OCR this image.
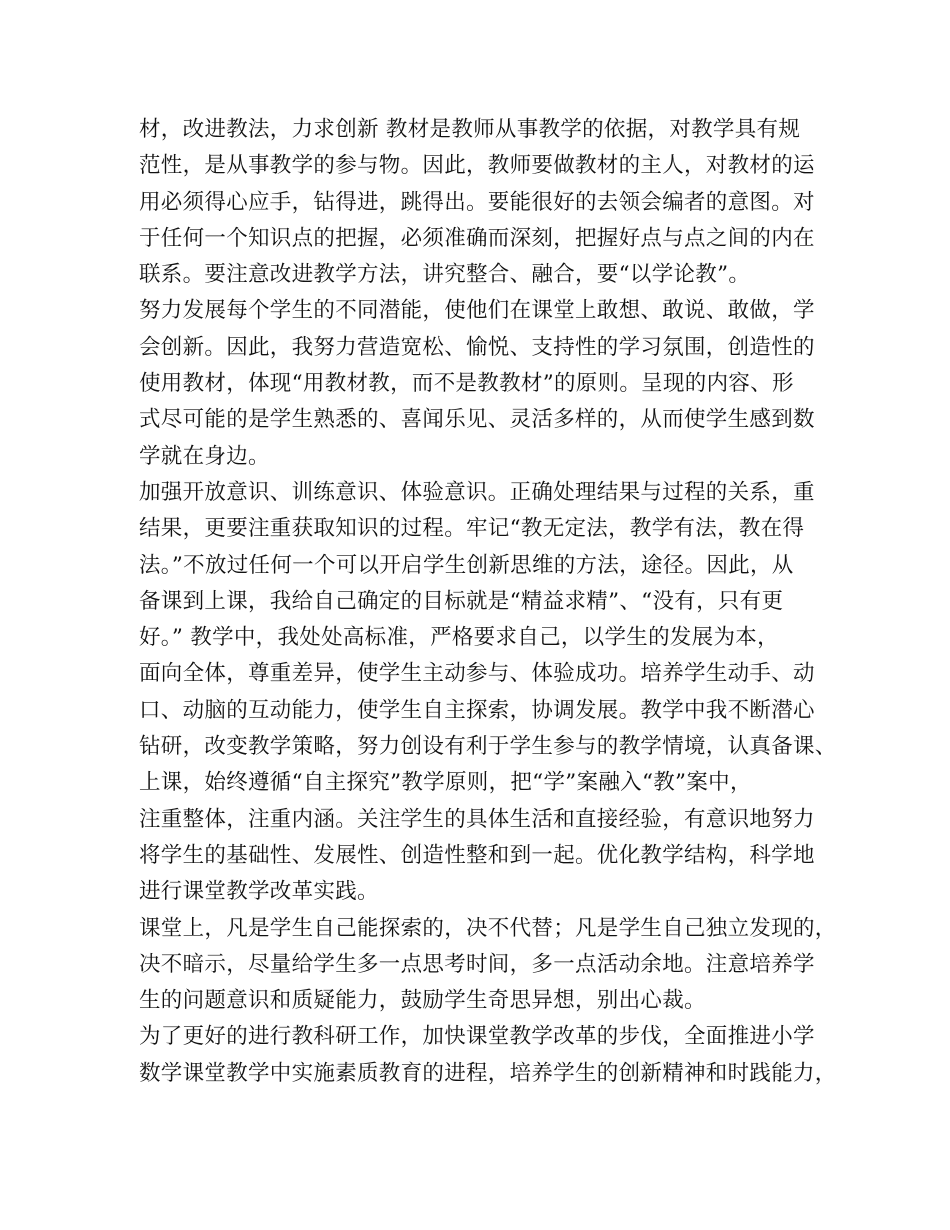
材，改进教法，力求创新 教材是教师从事教学的依据，对教学具有规
范性，是从事教学的参与物。因此，教师要做教材的主人，对教材的运
用必须得心应手，钻得进，跳得出。要能很好的去领会编者的意图。对
于任何一个知识点的把握，必须准确而深刻，把握好点与点之间的内在
联系。要注意改进教学方法，讲究整合、融合，要“以学论教”。
努力发展每个学生的不同潜能，使他们在课堂上敢想、敢说、敢做，学
会创新。因此，我努力营造宽松、愉悦、支持性的学习氛围，创造性的
使用教材，体现“用教材教，而不是教教材”的原则。呈现的内容、形
式尽可能的是学生熟悉的、喜闻乐见、灵活多样的，从而使学生感到数
学就在身边。
加强开放意识、训练意识、体验意识。正确处理结果与过程的关系，重
结果，更要注重获取知识的过程。牢记“教无定法，教学有法，教在得
法。”不放过任何一个可以开启学生创新思维的方法，途径。因此，从
备课到上课，我给自己确定的目标就是“精益求精”、“没有，只有更
好。” 教学中，我处处高标准，严格要求自己，以学生的发展为本，
面向全体，尊重差异，使学生主动参与、体验成功。培养学生动手、动
口、动脑的互动能力，使学生自主探索，协调发展。教学中我不断潜心
钻研，改变教学策略，努力创设有利于学生参与的教学情境，认真备课、
上课，始终遵循“自主探究”教学原则，把“学”案融入“教”案中，
注重整体，注重内涵。关注学生的具体生活和直接经验，有意识地努力
将学生的基础性、发展性、创造性整和到一起。优化教学结构，科学地
进行课堂教学改革实践。
课堂上，凡是学生自己能探索的，决不代替；凡是学生自己独立发现的，
决不暗示，尽量给学生多一点思考时间，多一点活动余地。注意培养学
生的问题意识和质疑能力，鼓励学生奇思异想，别出心裁。
为了更好的进行教科研工作，加快课堂教学改革的步伐，全面推进小学
数学课堂教学中实施素质教育的进程，培养学生的创新精神和时践能力，
